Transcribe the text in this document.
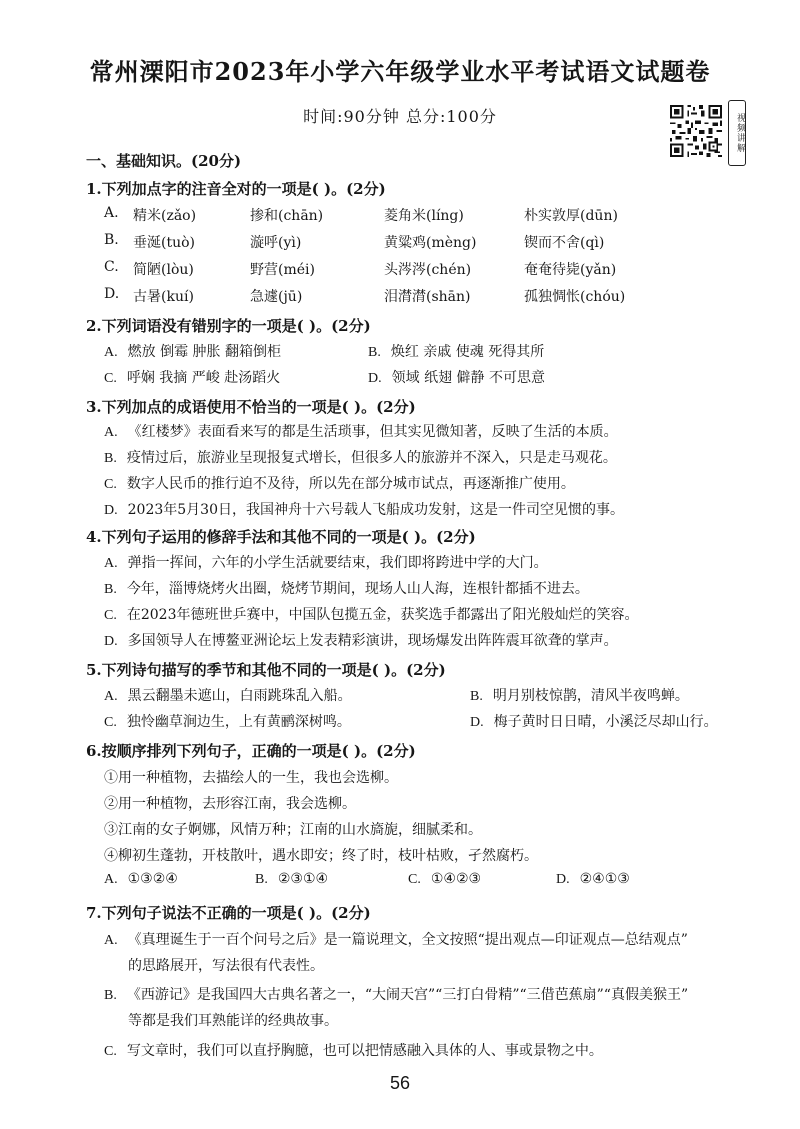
常州溧阳市2023年小学六年级学业水平考试语文试题卷
时间:90分钟 总分:100分	视频讲解
一、基础知识。(20分)
1.下列加点字的注音全对的一项是( )。(2分)
A. 精米(zǎo)	掺和(chān)	菱角米(líng)	朴实敦厚(dūn)
B. 垂涎(tuò)	漩呼(yì)	黄粱鸡(mèng)	锲而不舍(qì)
C. 简陋(lòu)	野营(méi)	头涔涔(chén)	奄奄待毙(yǎn)
D. 古暑(kuí)	急遽(jū)	泪潸潸(shān)	孤独惆怅(chóu)
2.下列词语没有错别字的一项是( )。(2分)
A. 燃放 倒霉 肿胀 翻箱倒柜	B. 焕红 亲戚 使魂 死得其所
C. 呼娴 我摘 严峻 赴汤蹈火	D. 领域 纸翅 僻静 不可思意
3.下列加点的成语使用不恰当的一项是( )。(2分)
A. 《红楼梦》表面看来写的都是生活琐事，但其实见微知著，反映了生活的本质。
B. 疫情过后，旅游业呈现报复式增长，但很多人的旅游并不深入，只是走马观花。
C. 数字人民币的推行迫不及待，所以先在部分城市试点，再逐渐推广使用。
D. 2023年5月30日，我国神舟十六号载人飞船成功发射，这是一件司空见惯的事。
4.下列句子运用的修辞手法和其他不同的一项是( )。(2分)
A. 弹指一挥间，六年的小学生活就要结束，我们即将跨进中学的大门。
B. 今年，淄博烧烤火出圈，烧烤节期间，现场人山人海，连根针都插不进去。
C. 在2023年德班世乒赛中，中国队包揽五金，获奖选手都露出了阳光般灿烂的笑容。
D. 多国领导人在博鳌亚洲论坛上发表精彩演讲，现场爆发出阵阵震耳欲聋的掌声。
5.下列诗句描写的季节和其他不同的一项是( )。(2分)
A. 黑云翻墨未遮山，白雨跳珠乱入船。	B. 明月别枝惊鹊，清风半夜鸣蝉。
C. 独怜幽草涧边生，上有黄鹂深树鸣。	D. 梅子黄时日日晴，小溪泛尽却山行。
6.按顺序排列下列句子，正确的一项是( )。(2分)
①用一种植物，去描绘人的一生，我也会选柳。
②用一种植物，去形容江南，我会选柳。
③江南的女子婀娜，风情万种；江南的山水旖旎，细腻柔和。
④柳初生蓬勃，开枝散叶，遇水即安；终了时，枝叶枯败，孑然腐朽。
A. ①③②④	B. ②③①④	C. ①④②③	D. ②④①③
7.下列句子说法不正确的一项是( )。(2分)
A. 《真理诞生于一百个问号之后》是一篇说理文，全文按照“提出观点—印证观点—总结观点”
的思路展开，写法很有代表性。
B. 《西游记》是我国四大古典名著之一，“大闹天宫”“三打白骨精”“三借芭蕉扇”“真假美猴王”
等都是我们耳熟能详的经典故事。
C. 写文章时，我们可以直抒胸臆，也可以把情感融入具体的人、事或景物之中。
56
